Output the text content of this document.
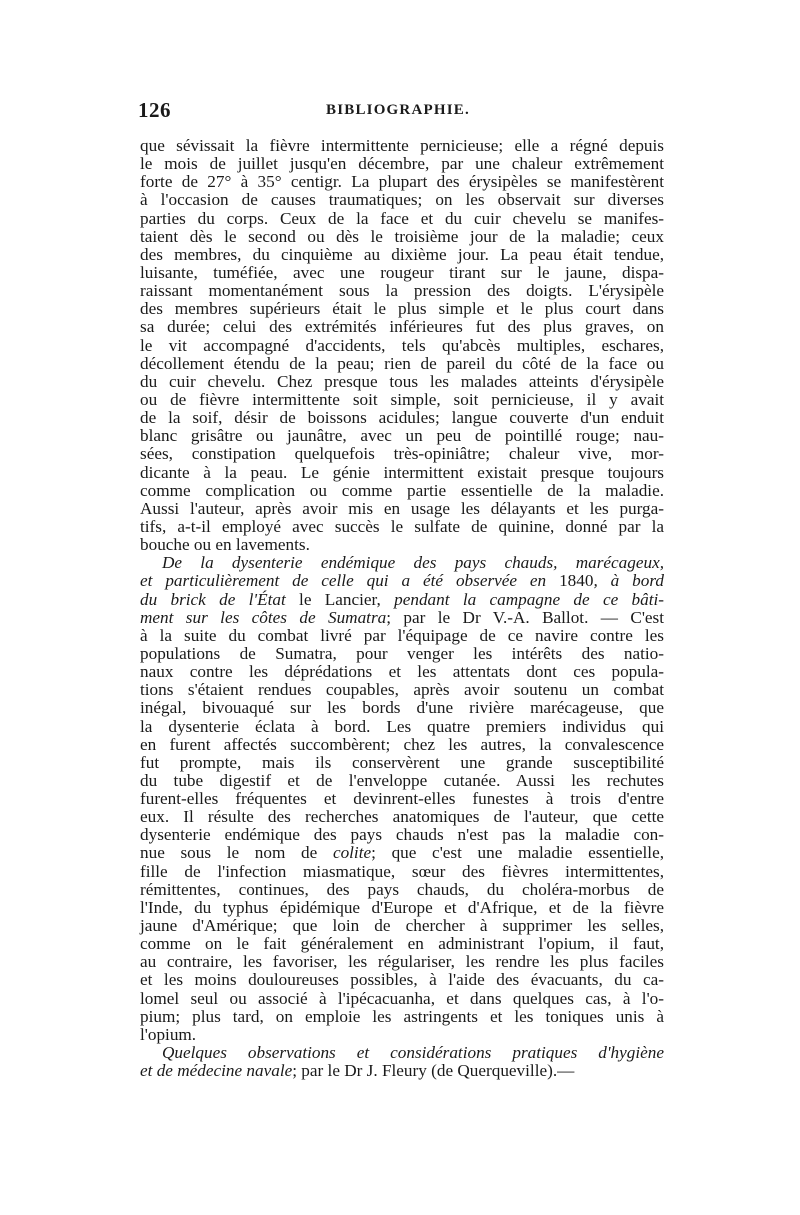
126	BIBLIOGRAPHIE.
que sévissait la fièvre intermittente pernicieuse; elle a régné depuis
le mois de juillet jusqu'en décembre, par une chaleur extrêmement
forte de 27° à 35° centigr. La plupart des érysipèles se manifestèrent
à l'occasion de causes traumatiques; on les observait sur diverses
parties du corps. Ceux de la face et du cuir chevelu se manifes-
taient dès le second ou dès le troisième jour de la maladie; ceux
des membres, du cinquième au dixième jour. La peau était tendue,
luisante, tuméfiée, avec une rougeur tirant sur le jaune, dispa-
raissant momentanément sous la pression des doigts. L'érysipèle
des membres supérieurs était le plus simple et le plus court dans
sa durée; celui des extrémités inférieures fut des plus graves, on
le vit accompagné d'accidents, tels qu'abcès multiples, eschares,
décollement étendu de la peau; rien de pareil du côté de la face ou
du cuir chevelu. Chez presque tous les malades atteints d'érysipèle
ou de fièvre intermittente soit simple, soit pernicieuse, il y avait
de la soif, désir de boissons acidules; langue couverte d'un enduit
blanc grisâtre ou jaunâtre, avec un peu de pointillé rouge; nau-
sées, constipation quelquefois très-opiniâtre; chaleur vive, mor-
dicante à la peau. Le génie intermittent existait presque toujours
comme complication ou comme partie essentielle de la maladie.
Aussi l'auteur, après avoir mis en usage les délayants et les purga-
tifs, a-t-il employé avec succès le sulfate de quinine, donné par la
bouche ou en lavements.
De la dysenterie endémique des pays chauds, marécageux,
et particulièrement de celle qui a été observée en 1840, à bord
du brick de l'État le Lancier, pendant la campagne de ce bâti-
ment sur les côtes de Sumatra; par le Dr V.-A. Ballot. — C'est
à la suite du combat livré par l'équipage de ce navire contre les
populations de Sumatra, pour venger les intérêts des natio-
naux contre les déprédations et les attentats dont ces popula-
tions s'étaient rendues coupables, après avoir soutenu un combat
inégal, bivouaqué sur les bords d'une rivière marécageuse, que
la dysenterie éclata à bord. Les quatre premiers individus qui
en furent affectés succombèrent; chez les autres, la convalescence
fut prompte, mais ils conservèrent une grande susceptibilité
du tube digestif et de l'enveloppe cutanée. Aussi les rechutes
furent-elles fréquentes et devinrent-elles funestes à trois d'entre
eux. Il résulte des recherches anatomiques de l'auteur, que cette
dysenterie endémique des pays chauds n'est pas la maladie con-
nue sous le nom de colite; que c'est une maladie essentielle,
fille de l'infection miasmatique, sœur des fièvres intermittentes,
rémittentes, continues, des pays chauds, du choléra-morbus de
l'Inde, du typhus épidémique d'Europe et d'Afrique, et de la fièvre
jaune d'Amérique; que loin de chercher à supprimer les selles,
comme on le fait généralement en administrant l'opium, il faut,
au contraire, les favoriser, les régulariser, les rendre les plus faciles
et les moins douloureuses possibles, à l'aide des évacuants, du ca-
lomel seul ou associé à l'ipécacuanha, et dans quelques cas, à l'o-
pium; plus tard, on emploie les astringents et les toniques unis à
l'opium.
Quelques observations et considérations pratiques d'hygiène
et de médecine navale; par le Dr J. Fleury (de Querqueville).—
